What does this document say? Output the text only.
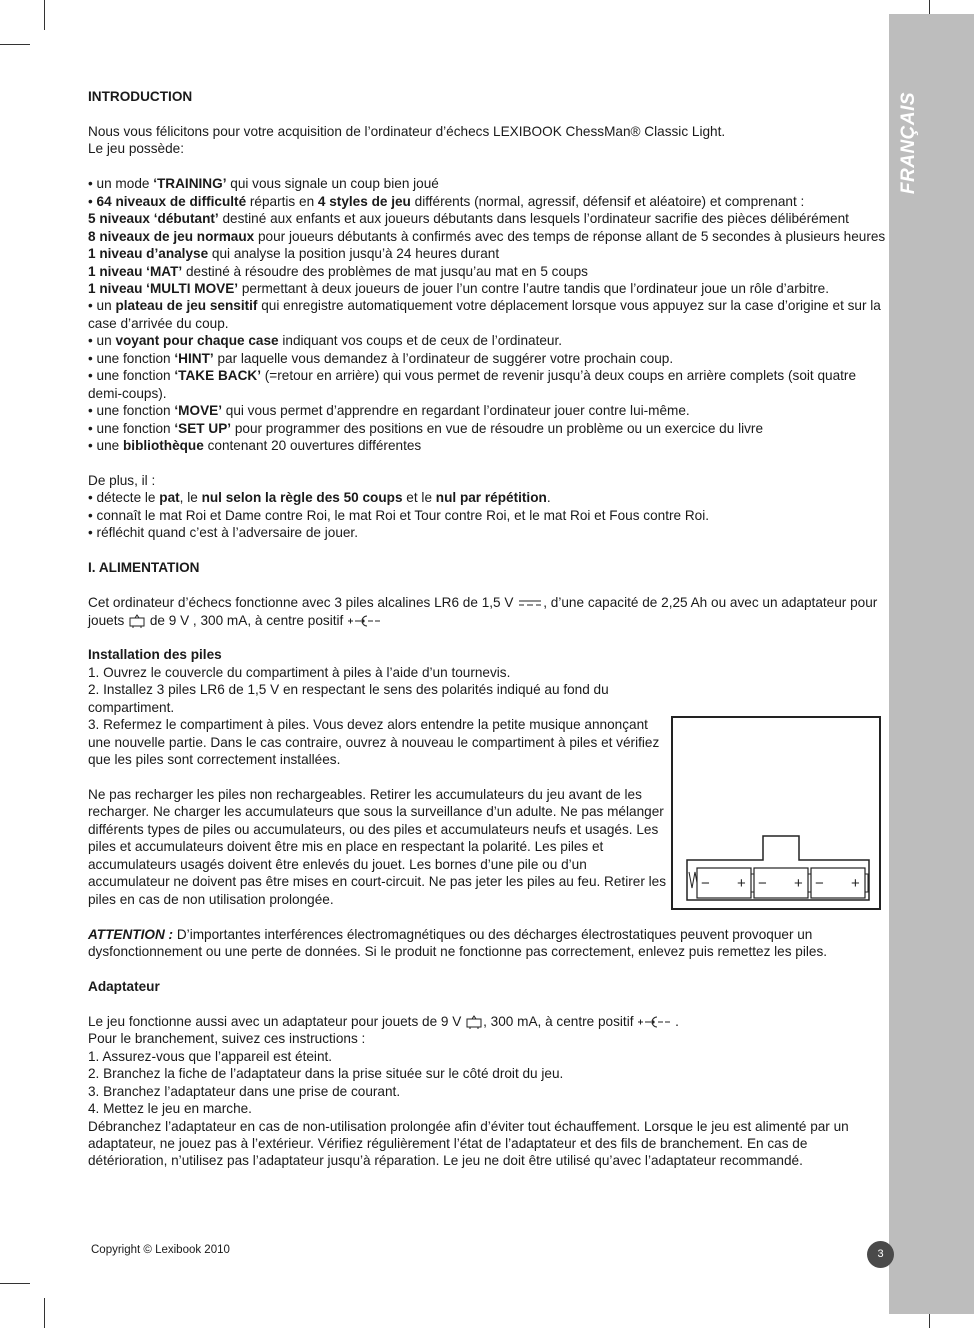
FRANÇAIS

INTRODUCTION

Nous vous félicitons pour votre acquisition de l’ordinateur d’échecs LEXIBOOK ChessMan® Classic Light.

Le jeu possède:

• un mode ‘TRAINING’ qui vous signale un coup bien joué

• 64 niveaux de difficulté répartis en 4 styles de jeu différents (normal, agressif, défensif et aléatoire) et comprenant :

5 niveaux ‘débutant’ destiné aux enfants et aux joueurs débutants dans lesquels l’ordinateur sacrifie des pièces délibérément

8 niveaux de jeu normaux pour joueurs débutants à confirmés avec des temps de réponse allant de 5 secondes à plusieurs heures

1 niveau d’analyse qui analyse la position jusqu’à 24 heures durant

1 niveau ‘MAT’ destiné à résoudre des problèmes de mat jusqu’au mat en 5 coups

1 niveau ‘MULTI MOVE’ permettant à deux joueurs de jouer l’un contre l’autre tandis que l’ordinateur joue un rôle d’arbitre.

• un plateau de jeu sensitif qui enregistre automatiquement votre déplacement lorsque vous appuyez sur la case d’origine et sur la case d’arrivée du coup.

• un voyant pour chaque case indiquant vos coups et de ceux de l’ordinateur.

• une fonction ‘HINT’ par laquelle vous demandez à l’ordinateur de suggérer votre prochain coup.

• une fonction ‘TAKE BACK’ (=retour en arrière) qui vous permet de revenir jusqu’à deux coups en arrière complets (soit quatre demi-coups).

• une fonction ‘MOVE’ qui vous permet d’apprendre en regardant l’ordinateur jouer contre lui-même.

• une fonction ‘SET UP’ pour programmer des positions en vue de résoudre un problème ou un exercice du livre

• une bibliothèque contenant 20 ouvertures différentes

De plus, il :

• détecte le pat, le nul selon la règle des 50 coups et le nul par répétition.

• connaît le mat Roi et Dame contre Roi, le mat Roi et Tour contre Roi, et le mat Roi et Fous contre Roi.

• réfléchit quand c’est à l’adversaire de jouer.

I. ALIMENTATION

Cet ordinateur d’échecs fonctionne avec 3 piles alcalines LR6 de 1,5 V , d’une capacité de 2,25 Ah ou avec un adaptateur pour jouets de 9 V , 300 mA, à centre positif

Installation des piles

1. Ouvrez le couvercle du compartiment à piles à l’aide d’un tournevis.

2. Installez 3 piles LR6 de 1,5 V en respectant le sens des polarités indiqué au fond du compartiment.

3. Refermez le compartiment à piles. Vous devez alors entendre la petite musique annonçant une nouvelle partie. Dans le cas contraire, ouvrez à nouveau le compartiment à piles et vérifiez que les piles sont correctement installées.

Ne pas recharger les piles non rechargeables. Retirer les accumulateurs du jeu avant de les recharger. Ne charger les accumulateurs que sous la surveillance d’un adulte. Ne pas mélanger différents types de piles ou accumulateurs, ou des piles et accumulateurs neufs et usagés. Les piles et accumulateurs doivent être mis en place en respectant la polarité. Les piles et accumulateurs usagés doivent être enlevés du jouet. Les bornes d’une pile ou d’un accumulateur ne doivent pas être mises en court-circuit. Ne pas jeter les piles au feu. Retirer les piles en cas de non utilisation prolongée.

ATTENTION : D’importantes interférences électromagnétiques ou des décharges électrostatiques peuvent provoquer un dysfonctionnement ou une perte de données. Si le produit ne fonctionne pas correctement, enlevez puis remettez les piles.

Adaptateur

Le jeu fonctionne aussi avec un adaptateur pour jouets de 9 V , 300 mA, à centre positif	.

Pour le branchement, suivez ces instructions :

1. Assurez-vous que l’appareil est éteint.

2. Branchez la fiche de l’adaptateur dans la prise située sur le côté droit du jeu.

3. Branchez l’adaptateur dans une prise de courant.

4. Mettez le jeu en marche.

Débranchez l’adaptateur en cas de non-utilisation prolongée afin d’éviter tout échauffement. Lorsque le jeu est alimenté par un adaptateur, ne jouez pas à l’extérieur. Vérifiez régulièrement l’état de l’adaptateur et des fils de branchement. En cas de détérioration, n’utilisez pas l’adaptateur jusqu’à réparation. Le jeu ne doit être utilisé qu’avec l’adaptateur recommandé.

− + − + − +
Copyright © Lexibook 2010	3
